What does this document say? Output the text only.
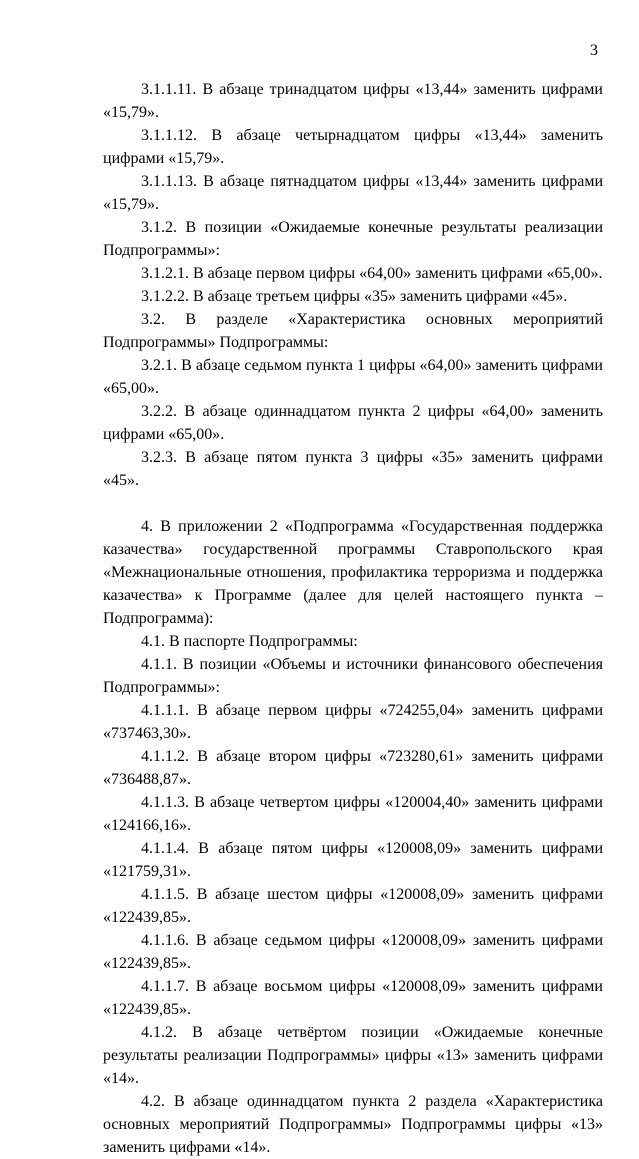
3

3.1.1.11. В абзаце тринадцатом цифры «13,44» заменить цифрами «15,79».

3.1.1.12. В абзаце четырнадцатом цифры «13,44» заменить цифрами «15,79».

3.1.1.13. В абзаце пятнадцатом цифры «13,44» заменить цифрами «15,79».

3.1.2. В позиции «Ожидаемые конечные результаты реализации Подпрограммы»:

3.1.2.1. В абзаце первом цифры «64,00» заменить цифрами «65,00».

3.1.2.2. В абзаце третьем цифры «35» заменить цифрами «45».

3.2. В разделе «Характеристика основных мероприятий Подпрограммы» Подпрограммы:

3.2.1. В абзаце седьмом пункта 1 цифры «64,00» заменить цифрами «65,00».

3.2.2. В абзаце одиннадцатом пункта 2 цифры «64,00» заменить цифрами «65,00».

3.2.3. В абзаце пятом пункта 3 цифры «35» заменить цифрами «45».

4. В приложении 2 «Подпрограмма «Государственная поддержка казачества» государственной программы Ставропольского края «Межнациональные отношения, профилактика терроризма и поддержка казачества» к Программе (далее для целей настоящего пункта – Подпрограмма):

4.1. В паспорте Подпрограммы:

4.1.1. В позиции «Объемы и источники финансового обеспечения Подпрограммы»:

4.1.1.1. В абзаце первом цифры «724255,04» заменить цифрами «737463,30».

4.1.1.2. В абзаце втором цифры «723280,61» заменить цифрами «736488,87».

4.1.1.3. В абзаце четвертом цифры «120004,40» заменить цифрами «124166,16».

4.1.1.4. В абзаце пятом цифры «120008,09» заменить цифрами «121759,31».

4.1.1.5. В абзаце шестом цифры «120008,09» заменить цифрами «122439,85».

4.1.1.6. В абзаце седьмом цифры «120008,09» заменить цифрами «122439,85».

4.1.1.7. В абзаце восьмом цифры «120008,09» заменить цифрами «122439,85».

4.1.2. В абзаце четвёртом позиции «Ожидаемые конечные результаты реализации Подпрограммы» цифры «13» заменить цифрами «14».

4.2. В абзаце одиннадцатом пункта 2 раздела «Характеристика основных мероприятий Подпрограммы» Подпрограммы цифры «13» заменить цифрами «14».
